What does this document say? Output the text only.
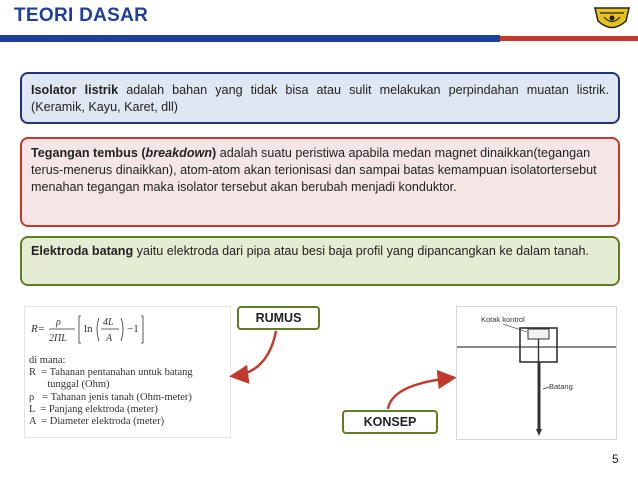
TEORI DASAR
Isolator listrik adalah bahan yang tidak bisa atau sulit melakukan perpindahan muatan listrik. (Keramik, Kayu, Karet, dll)
Tegangan tembus (breakdown) adalah suatu peristiwa apabila medan magnet dinaikkan(tegangan terus-menerus dinaikkan), atom-atom akan terionisasi dan sampai batas kemampuan isolatortersebut menahan tegangan maka isolator tersebut akan berubah menjadi konduktor.
Elektroda batang yaitu elektroda dari pipa atau besi baja profil yang dipancangkan ke dalam tanah.
R=
ρ
2ΠL
ln
4L
A
−1
di mana:
R  = Tahanan pentanahan untuk batang
tunggal (Ohm)
ρ   = Tahanan jenis tanah (Ohm-meter)
L  = Panjang elektroda (meter)
A  = Diameter elektroda (meter)
RUMUS
KONSEP
Kotak kontrol
Batang
5
